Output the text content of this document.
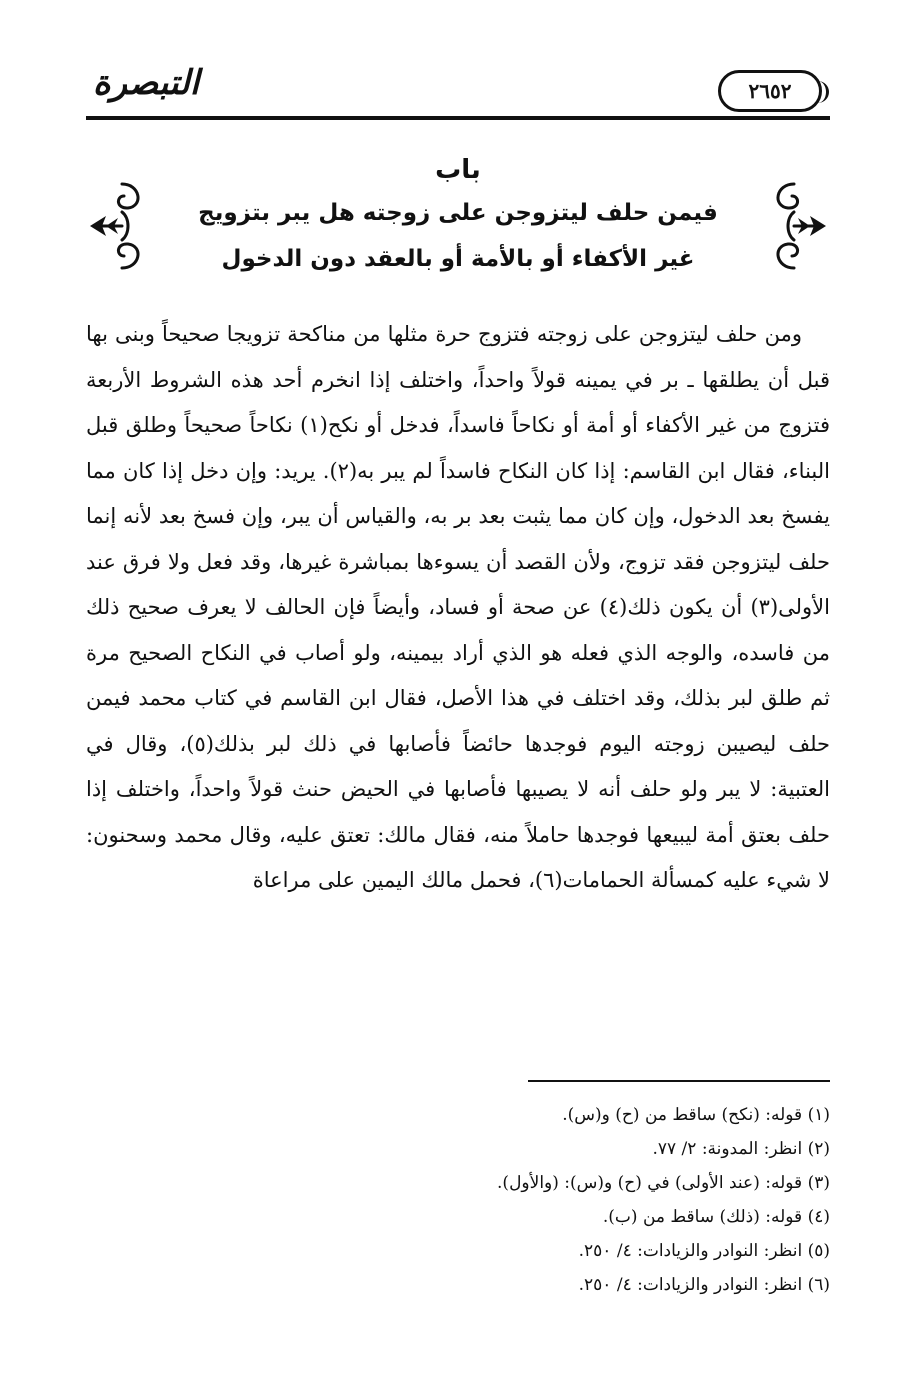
التبصرة	٢٦٥٢
باب
فيمن حلف ليتزوجن على زوجته هل يبر بتزويج
غير الأكفاء أو بالأمة أو بالعقد دون الدخول

ومن حلف ليتزوجن على زوجته فتزوج حرة مثلها من مناكحة تزويجا صحيحاً وبنى بها قبل أن يطلقها ـ بر في يمينه قولاً واحداً، واختلف إذا انخرم أحد هذه الشروط الأربعة فتزوج من غير الأكفاء أو أمة أو نكاحاً فاسداً، فدخل أو نكح(١) نكاحاً صحيحاً وطلق قبل البناء، فقال ابن القاسم: إذا كان النكاح فاسداً لم يبر به(٢). يريد: وإن دخل إذا كان مما يفسخ بعد الدخول، وإن كان مما يثبت بعد بر به، والقياس أن يبر، وإن فسخ بعد لأنه إنما حلف ليتزوجن فقد تزوج، ولأن القصد أن يسوءها بمباشرة غيرها، وقد فعل ولا فرق عند الأولى(٣) أن يكون ذلك(٤) عن صحة أو فساد، وأيضاً فإن الحالف لا يعرف صحيح ذلك من فاسده، والوجه الذي فعله هو الذي أراد بيمينه، ولو أصاب في النكاح الصحيح مرة ثم طلق لبر بذلك، وقد اختلف في هذا الأصل، فقال ابن القاسم في كتاب محمد فيمن حلف ليصيبن زوجته اليوم فوجدها حائضاً فأصابها في ذلك لبر بذلك(٥)، وقال في العتبية: لا يبر ولو حلف أنه لا يصيبها فأصابها في الحيض حنث قولاً واحداً، واختلف إذا حلف بعتق أمة ليبيعها فوجدها حاملاً منه، فقال مالك: تعتق عليه، وقال محمد وسحنون: لا شيء عليه كمسألة الحمامات(٦)، فحمل مالك اليمين على مراعاة

(١) قوله: (نكح) ساقط من (ح) و(س).
(٢) انظر: المدونة: ٢/ ٧٧.
(٣) قوله: (عند الأولى) في (ح) و(س): (والأول).
(٤) قوله: (ذلك) ساقط من (ب).
(٥) انظر: النوادر والزيادات: ٤/ ٢٥٠.
(٦) انظر: النوادر والزيادات: ٤/ ٢٥٠.
